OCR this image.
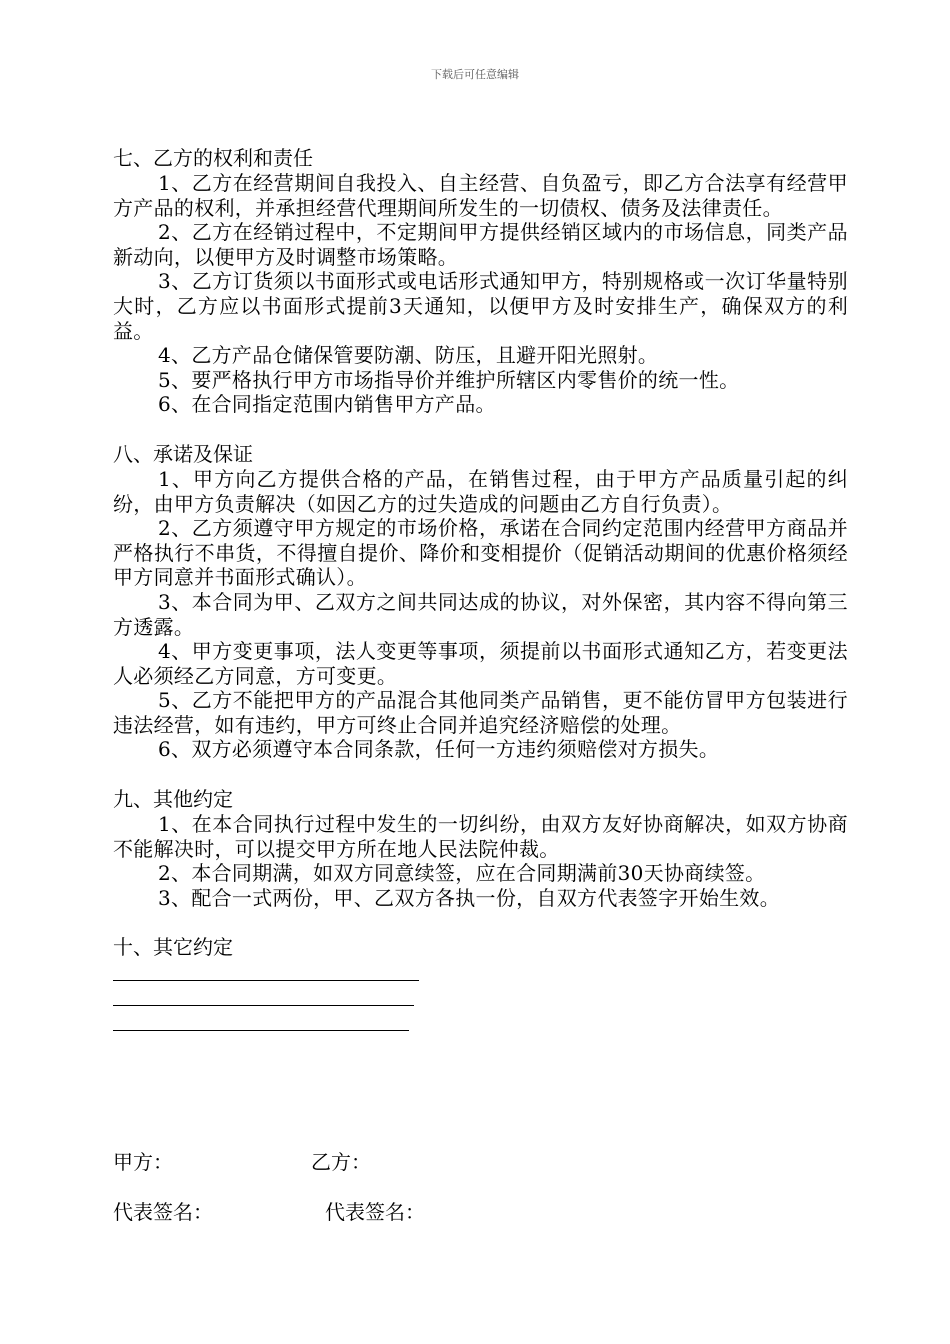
下载后可任意编辑
七、乙方的权利和责任
1、乙方在经营期间自我投入、自主经营、自负盈亏，即乙方合法享有经营甲方产品的权利，并承担经营代理期间所发生的一切债权、债务及法律责任。
2、乙方在经销过程中，不定期间甲方提供经销区域内的市场信息，同类产品新动向，以便甲方及时调整市场策略。
3、乙方订货须以书面形式或电话形式通知甲方，特别规格或一次订华量特别大时，乙方应以书面形式提前3天通知，以便甲方及时安排生产，确保双方的利益。
4、乙方产品仓储保管要防潮、防压，且避开阳光照射。
5、要严格执行甲方市场指导价并维护所辖区内零售价的统一性。
6、在合同指定范围内销售甲方产品。
八、承诺及保证
1、甲方向乙方提供合格的产品，在销售过程，由于甲方产品质量引起的纠纷，由甲方负责解决（如因乙方的过失造成的问题由乙方自行负责）。
2、乙方须遵守甲方规定的市场价格，承诺在合同约定范围内经营甲方商品并严格执行不串货，不得擅自提价、降价和变相提价（促销活动期间的优惠价格须经甲方同意并书面形式确认）。
3、本合同为甲、乙双方之间共同达成的协议，对外保密，其内容不得向第三方透露。
4、甲方变更事项，法人变更等事项，须提前以书面形式通知乙方，若变更法人必须经乙方同意，方可变更。
5、乙方不能把甲方的产品混合其他同类产品销售，更不能仿冒甲方包装进行违法经营，如有违约，甲方可终止合同并追究经济赔偿的处理。
6、双方必须遵守本合同条款，任何一方违约须赔偿对方损失。
九、其他约定
1、在本合同执行过程中发生的一切纠纷，由双方友好协商解决，如双方协商不能解决时，可以提交甲方所在地人民法院仲裁。
2、本合同期满，如双方同意续签，应在合同期满前30天协商续签。
3、配合一式两份，甲、乙双方各执一份，自双方代表签字开始生效。
十、其它约定
甲方：	乙方：
代表签名：	代表签名：
